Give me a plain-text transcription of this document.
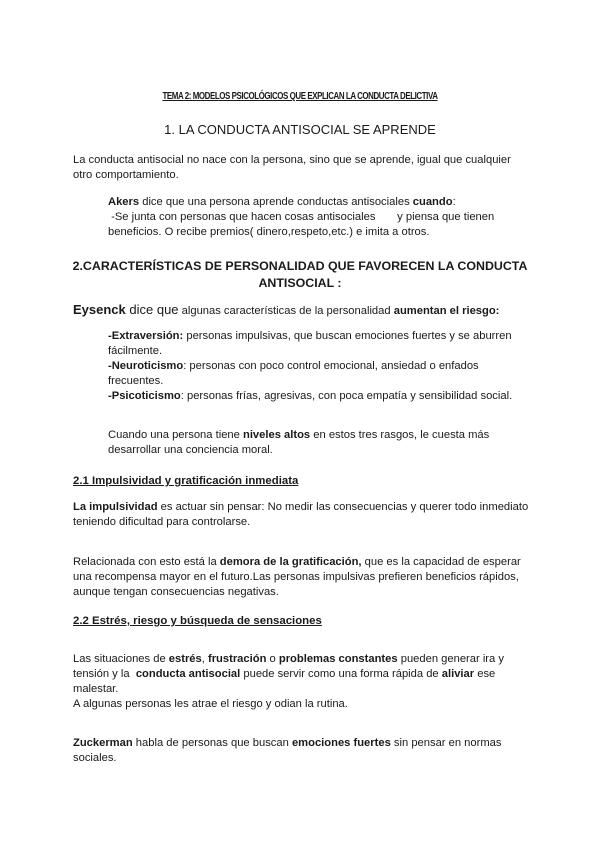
TEMA 2: MODELOS PSICOLÓGICOS QUE EXPLICAN LA CONDUCTA DELICTIVA

1. LA CONDUCTA ANTISOCIAL SE APRENDE

La conducta antisocial no nace con la persona, sino que se aprende, igual que cualquier
otro comportamiento.

Akers dice que una persona aprende conductas antisociales cuando:
-Se junta con personas que hacen cosas antisociales       y piensa que tienen
beneficios. O recibe premios( dinero,respeto,etc.) e imita a otros.

2.CARACTERÍSTICAS DE PERSONALIDAD QUE FAVORECEN LA CONDUCTA
ANTISOCIAL :

Eysenck dice que algunas características de la personalidad aumentan el riesgo:

-Extraversión: personas impulsivas, que buscan emociones fuertes y se aburren
fácilmente.
-Neuroticismo: personas con poco control emocional, ansiedad o enfados
frecuentes.
-Psicoticismo: personas frías, agresivas, con poca empatía y sensibilidad social.

Cuando una persona tiene niveles altos en estos tres rasgos, le cuesta más
desarrollar una conciencia moral.

2.1 Impulsividad y gratificación inmediata

La impulsividad es actuar sin pensar: No medir las consecuencias y querer todo inmediato
teniendo dificultad para controlarse.

Relacionada con esto está la demora de la gratificación, que es la capacidad de esperar
una recompensa mayor en el futuro.Las personas impulsivas prefieren beneficios rápidos,
aunque tengan consecuencias negativas.

2.2 Estrés, riesgo y búsqueda de sensaciones

Las situaciones de estrés, frustración o problemas constantes pueden generar ira y
tensión y la  conducta antisocial puede servir como una forma rápida de aliviar ese
malestar.
A algunas personas les atrae el riesgo y odian la rutina.

Zuckerman habla de personas que buscan emociones fuertes sin pensar en normas
sociales.
